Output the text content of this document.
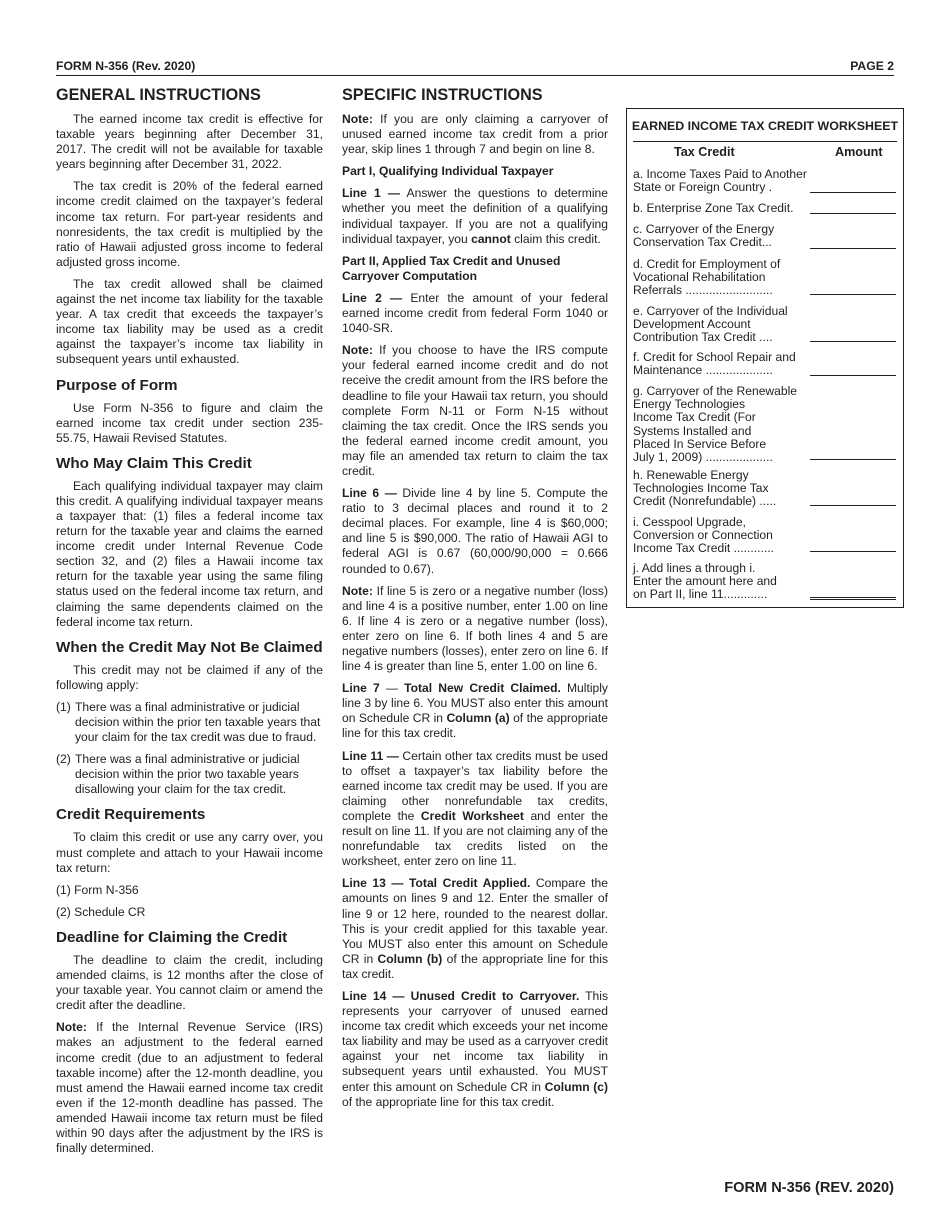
FORM N-356 (Rev. 2020)	PAGE 2
GENERAL INSTRUCTIONS

The earned income tax credit is effective for taxable years beginning after December 31, 2017. The credit will not be available for taxable years beginning after December 31, 2022.

The tax credit is 20% of the federal earned income credit claimed on the taxpayer’s federal income tax return. For part-year residents and nonresidents, the tax credit is multiplied by the ratio of Hawaii adjusted gross income to federal adjusted gross income.

The tax credit allowed shall be claimed against the net income tax liability for the taxable year. A tax credit that exceeds the taxpayer’s income tax liability may be used as a credit against the taxpayer’s income tax liability in subsequent years until exhausted.

Purpose of Form

Use Form N-356 to figure and claim the earned income tax credit under section 235-55.75, Hawaii Revised Statutes.

Who May Claim This Credit

Each qualifying individual taxpayer may claim this credit. A qualifying individual taxpayer means a taxpayer that: (1) files a federal income tax return for the taxable year and claims the earned income credit under Internal Revenue Code section 32, and (2) files a Hawaii income tax return for the taxable year using the same filing status used on the federal income tax return, and claiming the same dependents claimed on the federal income tax return.

When the Credit May Not Be Claimed

This credit may not be claimed if any of the following apply:

(1) There was a final administrative or judicial decision within the prior ten taxable years that your claim for the tax credit was due to fraud.
(2) There was a final administrative or judicial decision within the prior two taxable years disallowing your claim for the tax credit.
Credit Requirements

To claim this credit or use any carry over, you must complete and attach to your Hawaii income tax return:

(1) Form N-356

(2) Schedule CR

Deadline for Claiming the Credit

The deadline to claim the credit, including amended claims, is 12 months after the close of your taxable year. You cannot claim or amend the credit after the deadline.

Note: If the Internal Revenue Service (IRS) makes an adjustment to the federal earned income credit (due to an adjustment to federal taxable income) after the 12-month deadline, you must amend the Hawaii earned income tax credit even if the 12-month deadline has passed. The amended Hawaii income tax return must be filed within 90 days after the adjustment by the IRS is finally determined.

SPECIFIC INSTRUCTIONS

Note: If you are only claiming a carryover of unused earned income tax credit from a prior year, skip lines 1 through 7 and begin on line 8.

Part I, Qualifying Individual Taxpayer

Line 1 — Answer the questions to determine whether you meet the definition of a qualifying individual taxpayer. If you are not a qualifying individual taxpayer, you cannot claim this credit.

Part II, Applied Tax Credit and Unused Carryover Computation

Line 2 — Enter the amount of your federal earned income credit from federal Form 1040 or 1040-SR.

Note: If you choose to have the IRS compute your federal earned income credit and do not receive the credit amount from the IRS before the deadline to file your Hawaii tax return, you should complete Form N-11 or Form N-15 without claiming the tax credit. Once the IRS sends you the federal earned income credit amount, you may file an amended tax return to claim the tax credit.

Line 6 — Divide line 4 by line 5. Compute the ratio to 3 decimal places and round it to 2 decimal places. For example, line 4 is $60,000; and line 5 is $90,000. The ratio of Hawaii AGI to federal AGI is 0.67 (60,000/90,000 = 0.666 rounded to 0.67).

Note: If line 5 is zero or a negative number (loss) and line 4 is a positive number, enter 1.00 on line 6. If line 4 is zero or a negative number (loss), enter zero on line 6. If both lines 4 and 5 are negative numbers (losses), enter zero on line 6. If line 4 is greater than line 5, enter 1.00 on line 6.

Line 7 — Total New Credit Claimed. Multiply line 3 by line 6. You MUST also enter this amount on Schedule CR in Column (a) of the appropriate line for this tax credit.

Line 11 — Certain other tax credits must be used to offset a taxpayer’s tax liability before the earned income tax credit may be used. If you are claiming other nonrefundable tax credits, complete the Credit Worksheet and enter the result on line 11. If you are not claiming any of the nonrefundable tax credits listed on the worksheet, enter zero on line 11.

Line 13 — Total Credit Applied. Compare the amounts on lines 9 and 12. Enter the smaller of line 9 or 12 here, rounded to the nearest dollar. This is your credit applied for this taxable year. You MUST also enter this amount on Schedule CR in Column (b) of the appropriate line for this tax credit.

Line 14 — Unused Credit to Carryover. This represents your carryover of unused earned income tax credit which exceeds your net income tax liability and may be used as a carryover credit against your net income tax liability in subsequent years until exhausted. You MUST enter this amount on Schedule CR in Column (c) of the appropriate line for this tax credit.

EARNED INCOME TAX CREDIT WORKSHEET
Tax Credit	Amount
a. Income Taxes Paid to Another
State or Foreign Country .
b. Enterprise Zone Tax Credit.
c. Carryover of the Energy
Conservation Tax Credit...
d. Credit for Employment of
Vocational Rehabilitation
Referrals ..........................
e. Carryover of the Individual
Development Account
Contribution Tax Credit ....
f. Credit for School Repair and
Maintenance ....................
g. Carryover of the Renewable
Energy Technologies
Income Tax Credit (For
Systems Installed and
Placed In Service Before
July 1, 2009) ....................
h. Renewable Energy
Technologies Income Tax
Credit (Nonrefundable) .....
i. Cesspool Upgrade,
Conversion or Connection
Income Tax Credit ............
j. Add lines a through i.
Enter the amount here and
on Part II, line 11.............
FORM N-356 (REV. 2020)
